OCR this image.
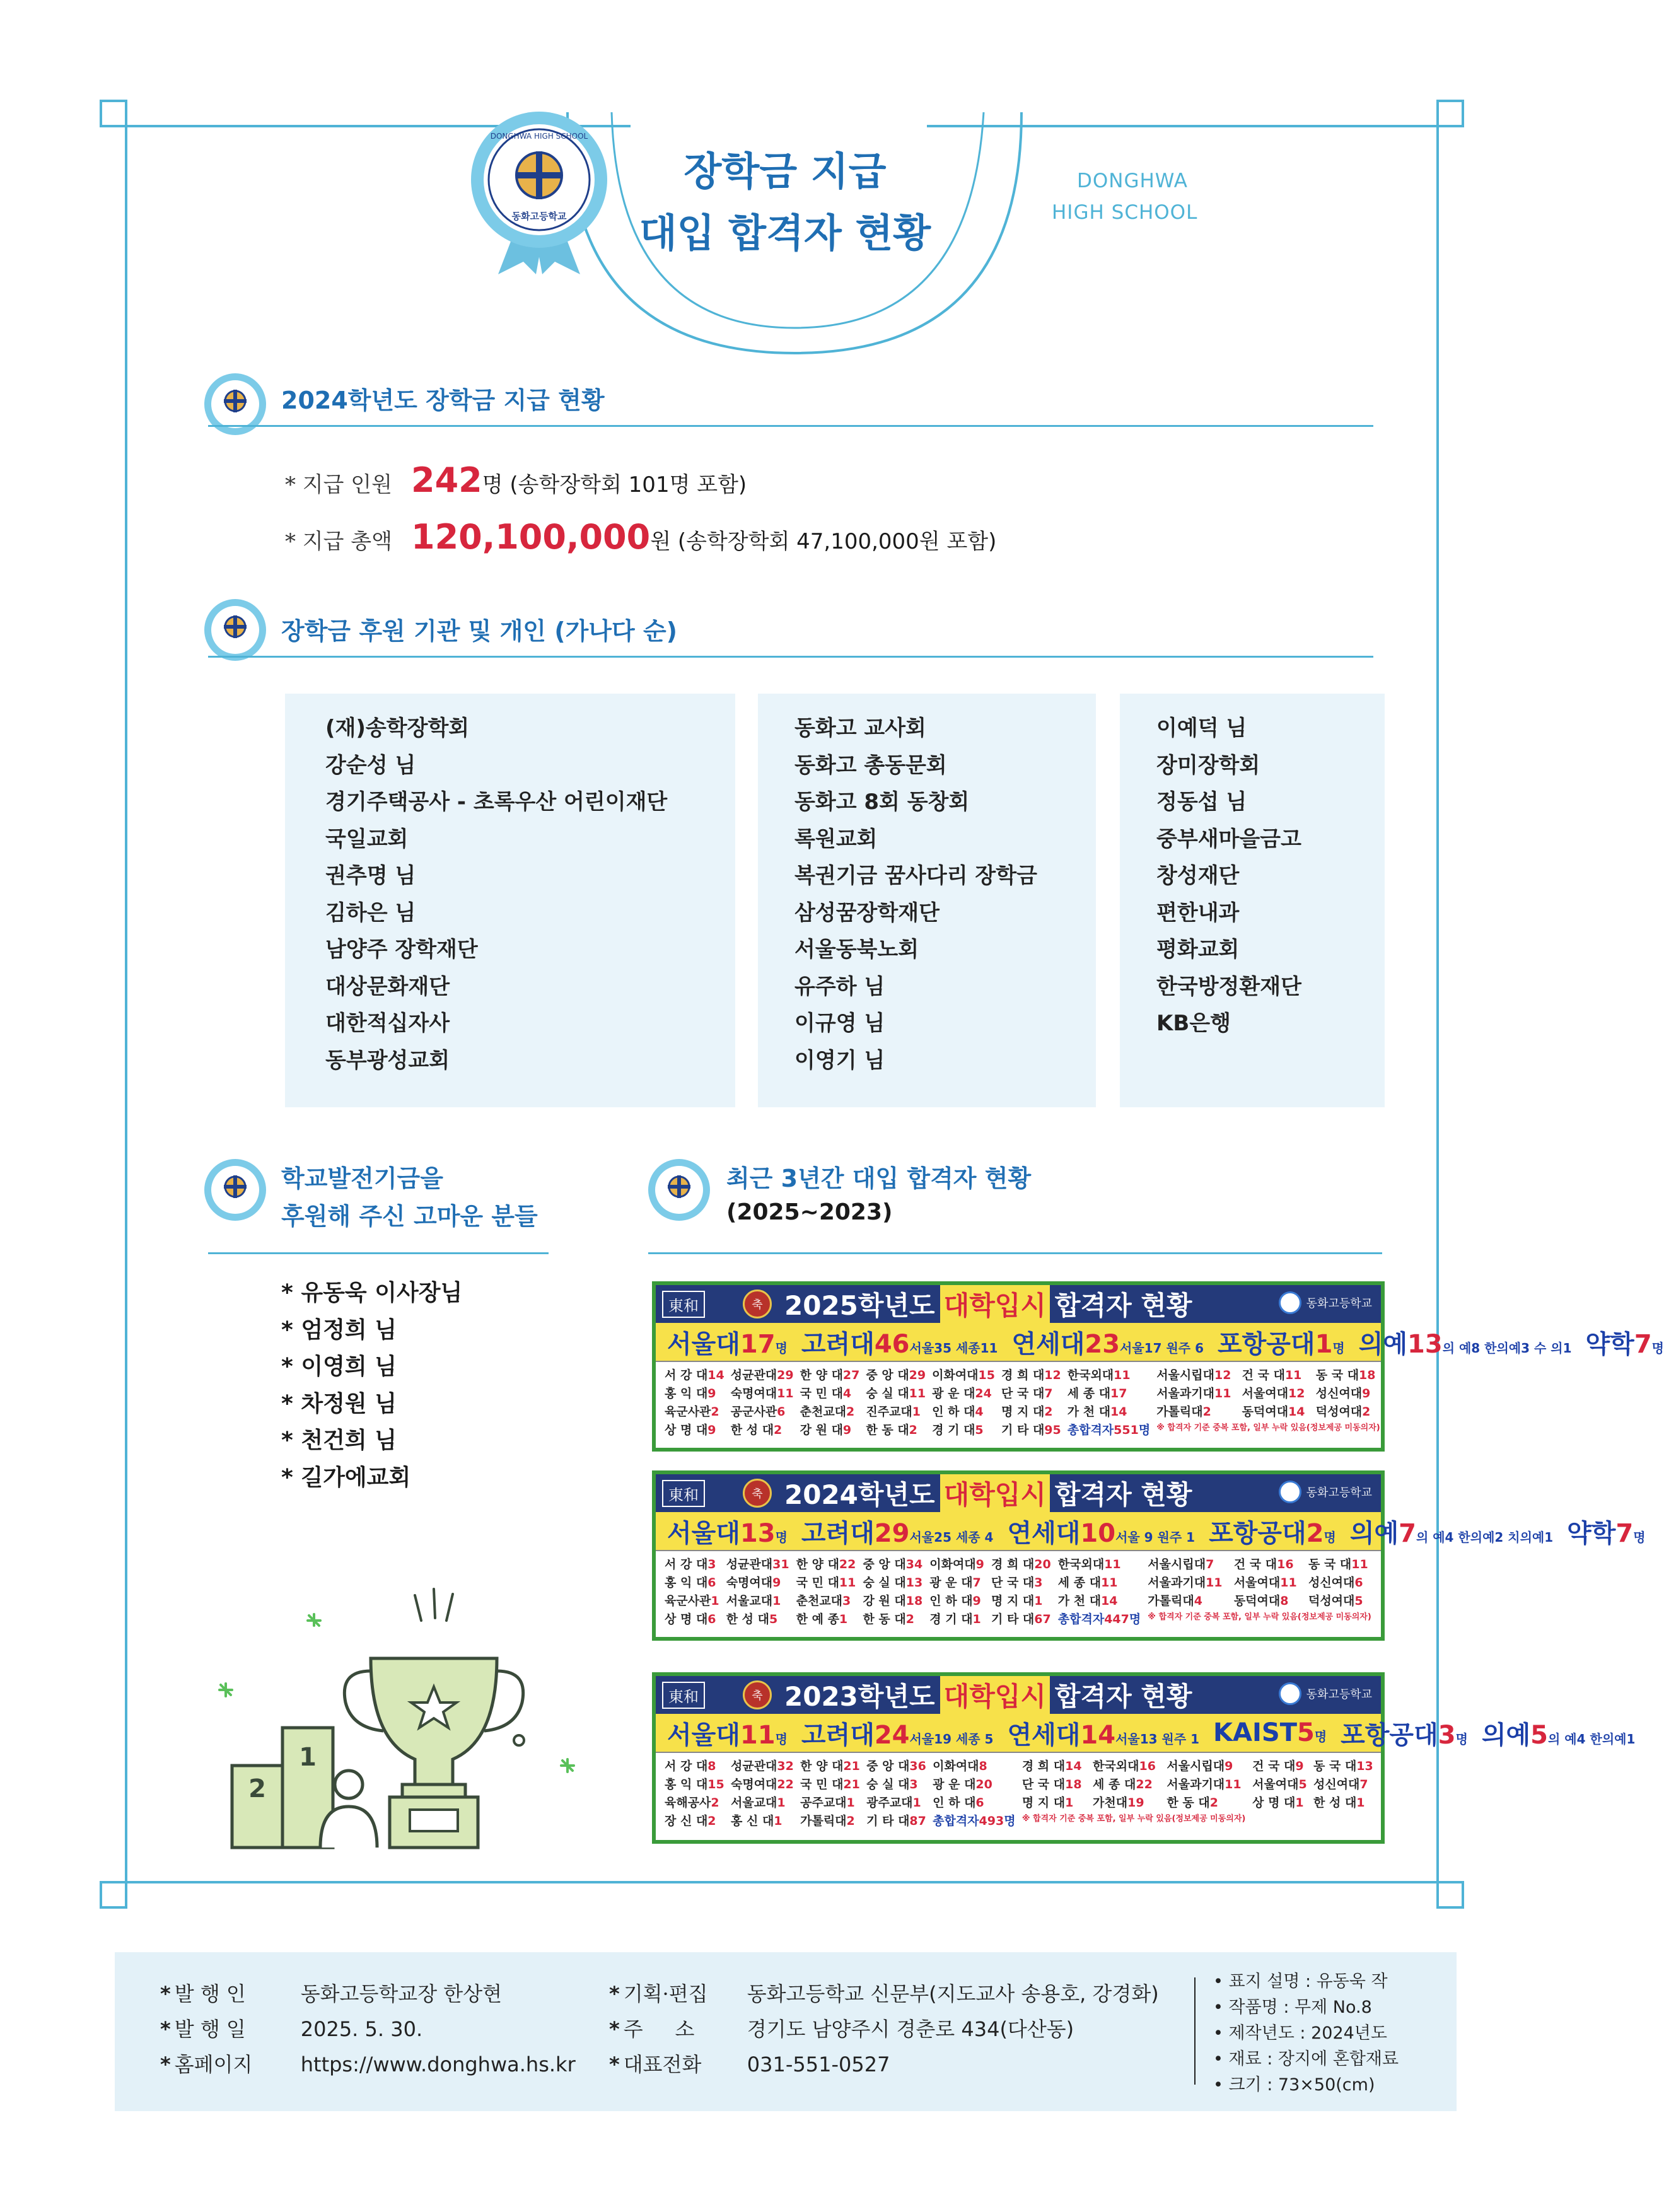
동화고등학교
DONGHWA HIGH SCHOOL
장학금 지급
대입 합격자 현황
DONGHWA
HIGH SCHOOL
2024학년도 장학금 지급 현황
* 지급 인원 242 명 (송학장학회 101명 포함)
* 지급 총액 120,100,000 원 (송학장학회 47,100,000원 포함)
장학금 후원 기관 및 개인 (가나다 순)
(재)송학장학회
강순성 님
경기주택공사 - 초록우산 어린이재단
국일교회
권추명 님
김하은 님
남양주 장학재단
대상문화재단
대한적십자사
동부광성교회
동화고 교사회
동화고 총동문회
동화고 8회 동창회
록원교회
복권기금 꿈사다리 장학금
삼성꿈장학재단
서울동북노회
유주하 님
이규영 님
이영기 님
이예덕 님
장미장학회
정동섭 님
중부새마을금고
창성재단
편한내과
평화교회
한국방정환재단
KB은행
학교발전기금을
후원해 주신 고마운 분들
* 유동욱 이사장님
* 엄정희 님
* 이영희 님
* 차정원 님
* 천건희 님
* 길가에교회
1
2
최근 3년간 대입 합격자 현황
(2025~2023)
東和	축 2025학년도 대학입시 합격자 현황	동화고등학교
서울대17명 고려대46서울35 세종11 연세대23서울17 원주 6 포항공대1명 의예13의 예8 한의예3 수 의1 약학7명
서 강 대14 성균관대29 한 양 대27 중 앙 대29 이화여대15 경 희 대12 한국외대11	서울시립대12 건 국 대11	동 국 대18
홍 익 대9	숙명여대11 국 민 대4	숭 실 대11 광 운 대24 단 국 대7	세 종 대17	서울과기대11 서울여대12 성신여대9
육군사관2 공군사관6	춘천교대2 진주교대1 인 하 대4	명 지 대2	가 천 대14	가톨릭대2	동덕여대14 덕성여대2
상 명 대9	한 성 대2	강 원 대9	한 동 대2	경 기 대5	기 타 대95 총합격자551명 ※ 합격자 기준 중복 포함, 일부 누락 있음(정보제공 미동의자)
東和	축 2024학년도 대학입시 합격자 현황	동화고등학교
서울대13명 고려대29서울25 세종 4 연세대10서울 9 원주 1 포항공대2명 의예7의 예4 한의예2 치의예1 약학7명
서 강 대3 성균관대31 한 양 대22 중 앙 대34 이화여대9 경 희 대20 한국외대11	서울시립대7	건 국 대16	동 국 대11
홍 익 대6 숙명여대9	국 민 대11 숭 실 대13 광 운 대7 단 국 대3	세 종 대11	서울과기대11 서울여대11 성신여대6
육군사관1 서울교대1	춘천교대3	강 원 대18 인 하 대9 명 지 대1	가 천 대14	가톨릭대4	동덕여대8	덕성여대5
상 명 대6 한 성 대5	한 예 종1	한 동 대2	경 기 대1 기 타 대67 총합격자447명 ※ 합격자 기준 중복 포함, 일부 누락 있음(정보제공 미동의자)
東和	축 2023학년도 대학입시 합격자 현황	동화고등학교
서울대11명 고려대24서울19 세종 5 연세대14서울13 원주 1 KAIST5명 포항공대3명 의예5의 예4 한의예1
서 강 대8	성균관대32 한 양 대21 중 앙 대36 이화여대8	경 희 대14 한국외대16 서울시립대9	건 국 대9 동 국 대13
홍 익 대15 숙명여대22 국 민 대21 숭 실 대3	광 운 대20	단 국 대18 세 종 대22	서울과기대11 서울여대5 성신여대7
육해공사2 서울교대1	공주교대1 광주교대1 인 하 대6	명 지 대1	가천대19	한 동 대2	상 명 대1 한 성 대1
장 신 대2	홍 신 대1	가톨릭대2 기 타 대87 총합격자493명 ※ 합격자 기준 중복 포함, 일부 누락 있음(정보제공 미동의자)
* 발 행 인	동화고등학교장 한상현
* 발 행 일	2025. 5. 30.
* 홈페이지 https://www.donghwa.hs.kr
* 기획·편집 동화고등학교 신문부(지도교사 송용호, 강경화)
* 주     소	경기도 남양주시 경춘로 434(다산동)
* 대표전화 031-551-0527
• 표지 설명 : 유동욱 작
• 작품명 : 무제 No.8
• 제작년도 : 2024년도
• 재료 : 장지에 혼합재료
• 크기 : 73×50(cm)
